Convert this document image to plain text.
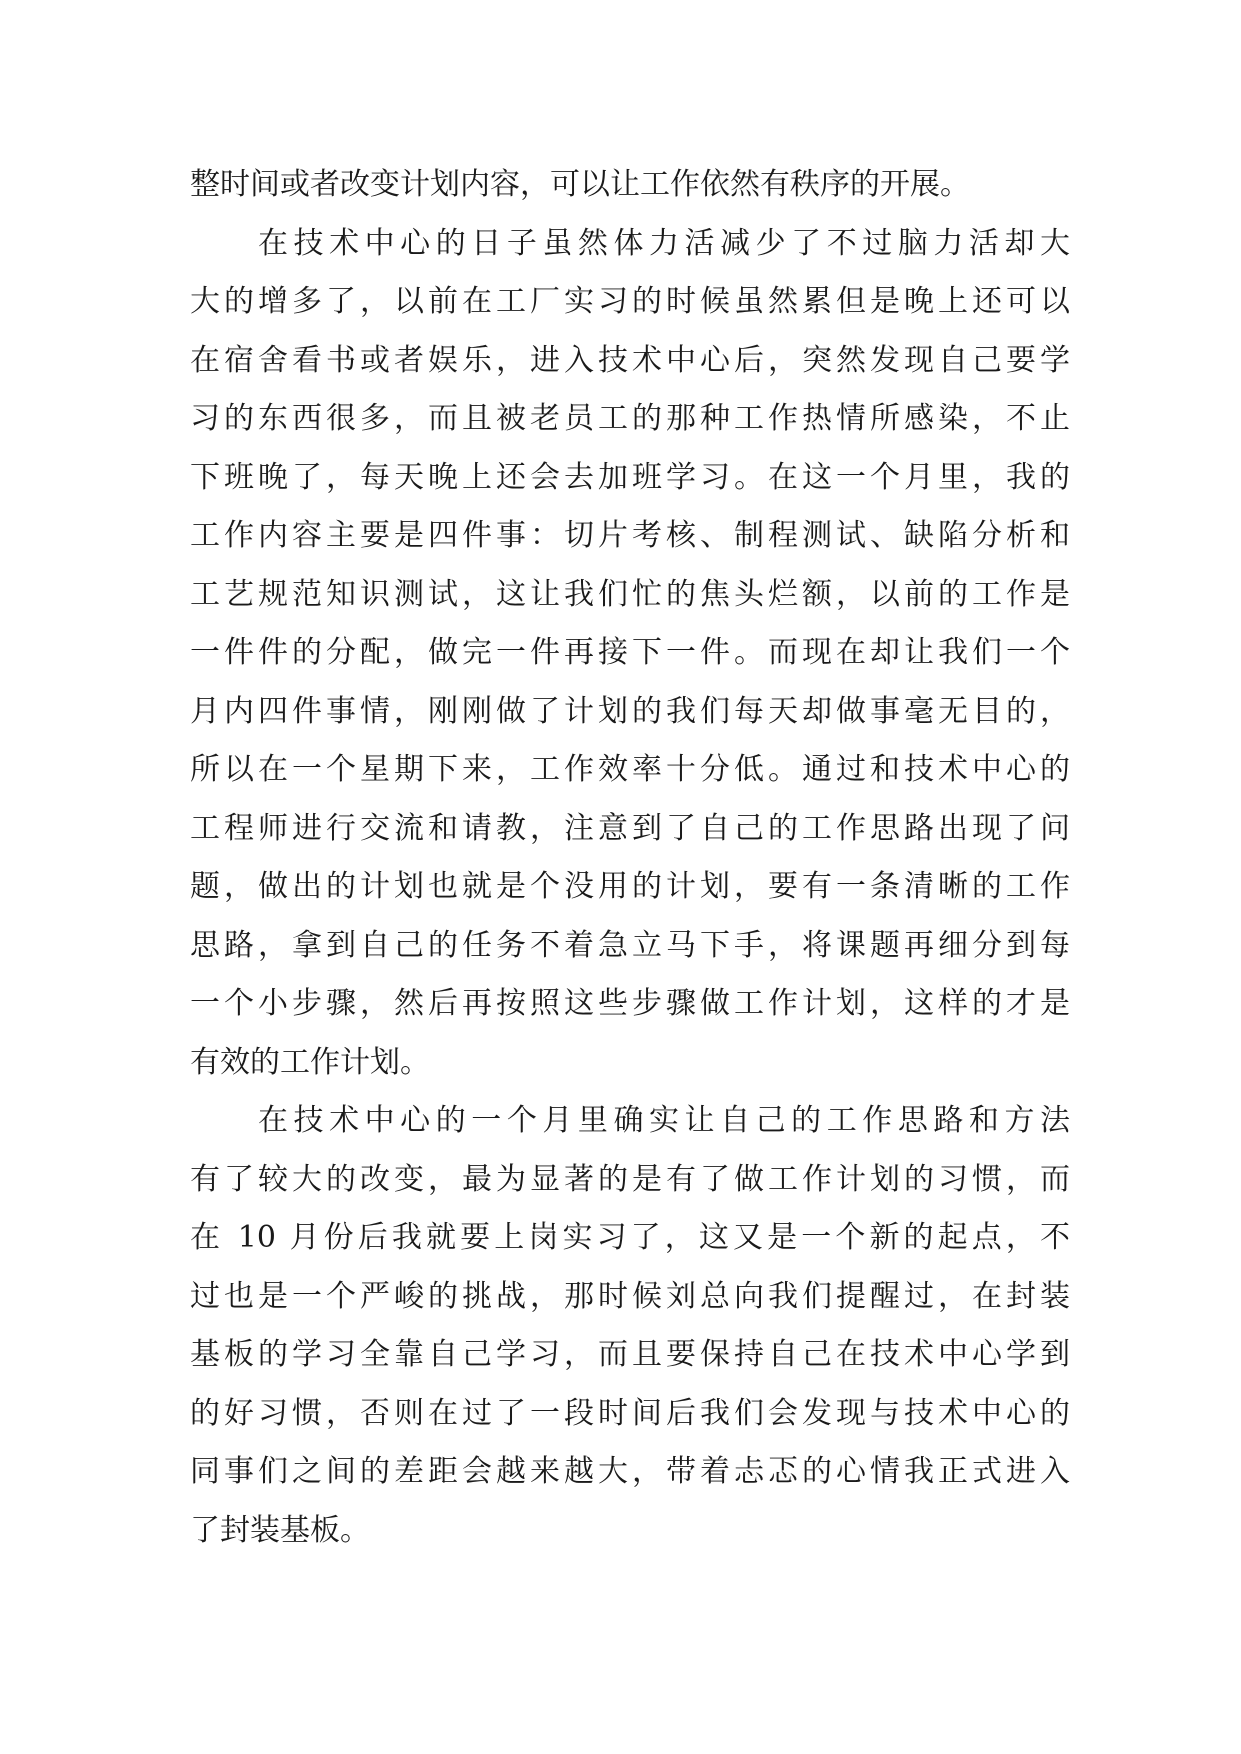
整时间或者改变计划内容，可以让工作依然有秩序的开展。
在技术中心的日子虽然体力活减少了不过脑力活却大
大的增多了，以前在工厂实习的时候虽然累但是晚上还可以
在宿舍看书或者娱乐，进入技术中心后，突然发现自己要学
习的东西很多，而且被老员工的那种工作热情所感染，不止
下班晚了，每天晚上还会去加班学习。在这一个月里，我的
工作内容主要是四件事：切片考核、制程测试、缺陷分析和
工艺规范知识测试，这让我们忙的焦头烂额，以前的工作是
一件件的分配，做完一件再接下一件。而现在却让我们一个
月内四件事情，刚刚做了计划的我们每天却做事毫无目的，
所以在一个星期下来，工作效率十分低。通过和技术中心的
工程师进行交流和请教，注意到了自己的工作思路出现了问
题，做出的计划也就是个没用的计划，要有一条清晰的工作
思路，拿到自己的任务不着急立马下手，将课题再细分到每
一个小步骤，然后再按照这些步骤做工作计划，这样的才是
有效的工作计划。
在技术中心的一个月里确实让自己的工作思路和方法
有了较大的改变，最为显著的是有了做工作计划的习惯，而
在 10 月份后我就要上岗实习了，这又是一个新的起点，不
过也是一个严峻的挑战，那时候刘总向我们提醒过，在封装
基板的学习全靠自己学习，而且要保持自己在技术中心学到
的好习惯，否则在过了一段时间后我们会发现与技术中心的
同事们之间的差距会越来越大，带着忐忑的心情我正式进入
了封装基板。
